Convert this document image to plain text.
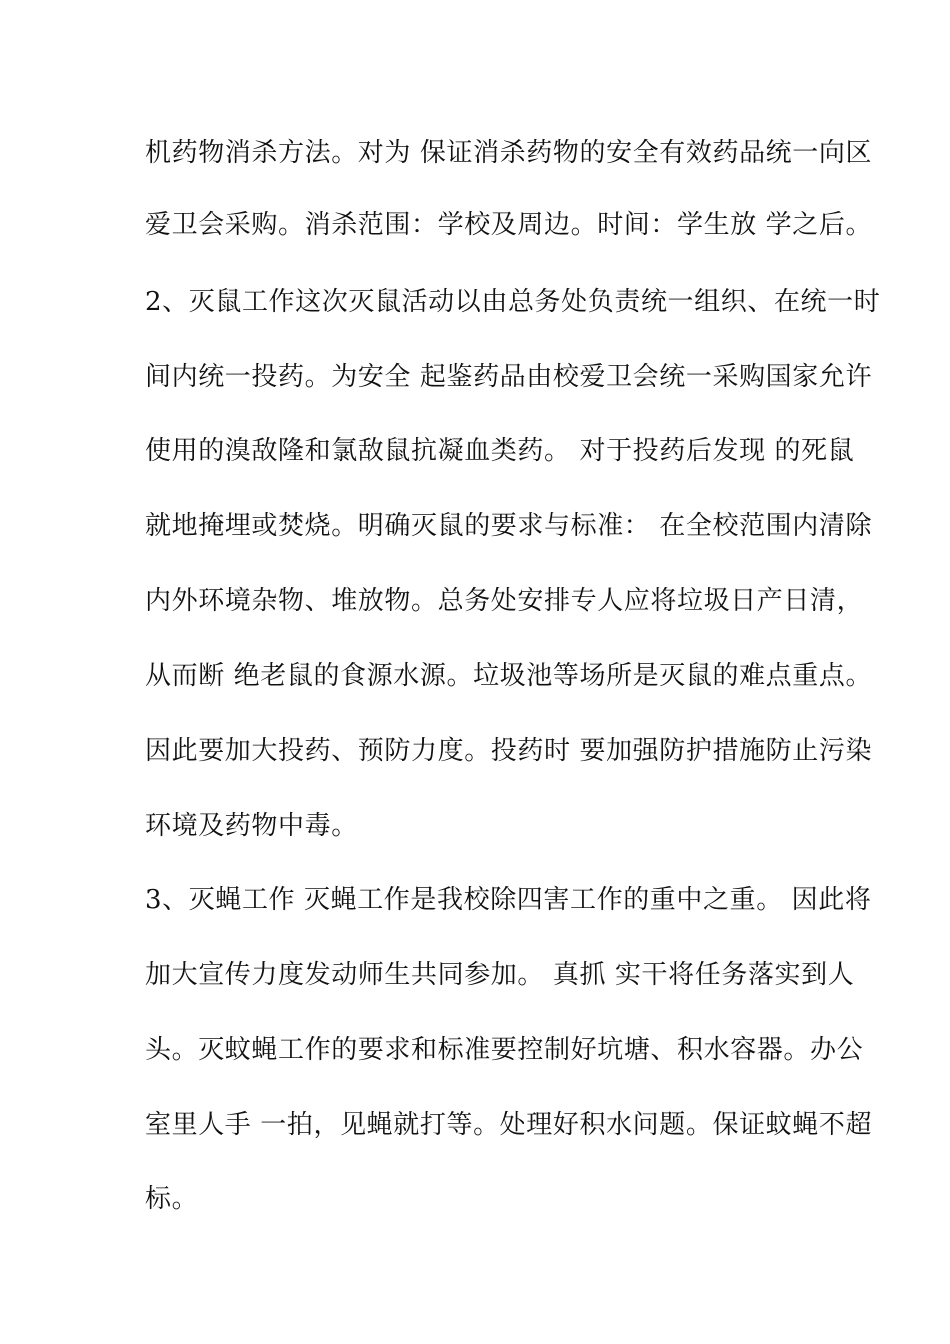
机药物消杀方法。对为 保证消杀药物的安全有效药品统一向区
爱卫会采购。消杀范围：学校及周边。时间：学生放 学之后。
2、灭鼠工作这次灭鼠活动以由总务处负责统一组织、在统一时
间内统一投药。为安全 起鉴药品由校爱卫会统一采购国家允许
使用的溴敌隆和氯敌鼠抗凝血类药。 对于投药后发现 的死鼠
就地掩埋或焚烧。明确灭鼠的要求与标准： 在全校范围内清除
内外环境杂物、堆放物。总务处安排专人应将垃圾日产日清，
从而断 绝老鼠的食源水源。垃圾池等场所是灭鼠的难点重点。
因此要加大投药、预防力度。投药时 要加强防护措施防止污染
环境及药物中毒。
3、灭蝇工作 灭蝇工作是我校除四害工作的重中之重。 因此将
加大宣传力度发动师生共同参加。 真抓 实干将任务落实到人
头。灭蚊蝇工作的要求和标准要控制好坑塘、积水容器。办公
室里人手 一拍，见蝇就打等。处理好积水问题。保证蚊蝇不超
标。
